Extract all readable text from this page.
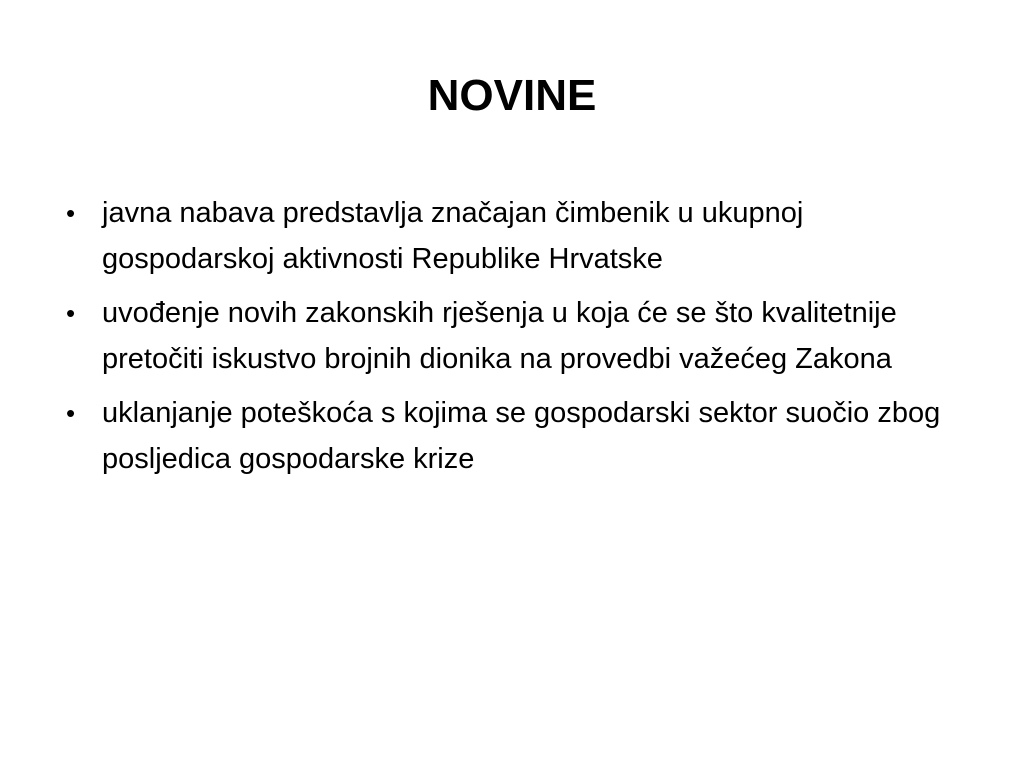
NOVINE
• javna nabava predstavlja značajan čimbenik u ukupnoj gospodarskoj aktivnosti Republike Hrvatske
• uvođenje novih zakonskih rješenja u koja će se što kvalitetnije pretočiti iskustvo brojnih dionika na provedbi važećeg Zakona
• uklanjanje poteškoća s kojima se gospodarski sektor suočio zbog posljedica gospodarske krize
